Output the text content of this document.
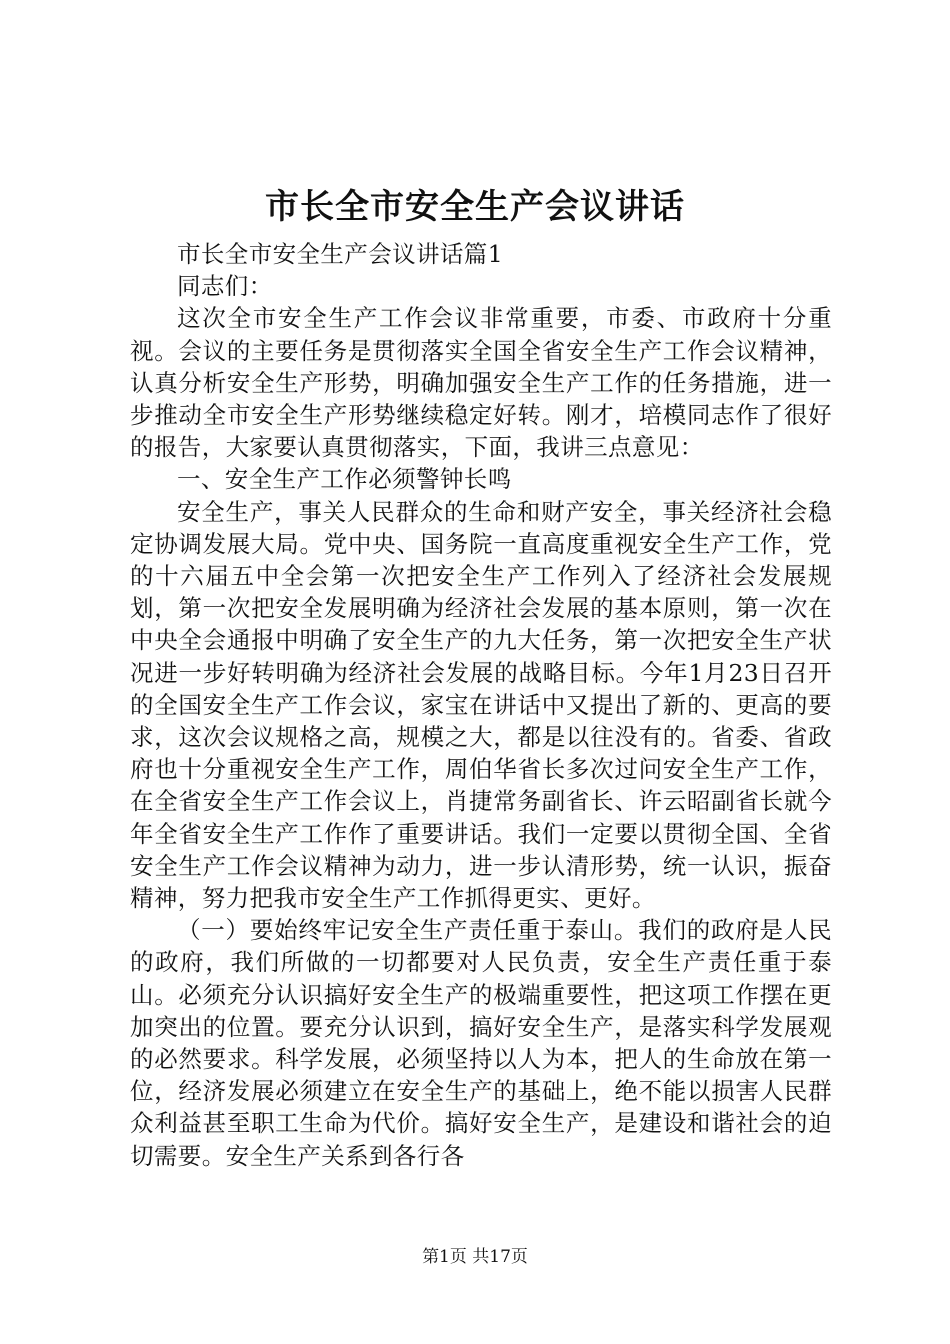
市长全市安全生产会议讲话

市长全市安全生产会议讲话篇1

同志们：

这次全市安全生产工作会议非常重要，市委、市政府十分重视。会议的主要任务是贯彻落实全国全省安全生产工作会议精神，认真分析安全生产形势，明确加强安全生产工作的任务措施，进一步推动全市安全生产形势继续稳定好转。刚才，培模同志作了很好的报告，大家要认真贯彻落实，下面，我讲三点意见：

一、安全生产工作必须警钟长鸣

安全生产，事关人民群众的生命和财产安全，事关经济社会稳定协调发展大局。党中央、国务院一直高度重视安全生产工作，党的十六届五中全会第一次把安全生产工作列入了经济社会发展规划，第一次把安全发展明确为经济社会发展的基本原则，第一次在中央全会通报中明确了安全生产的九大任务，第一次把安全生产状况进一步好转明确为经济社会发展的战略目标。今年1月23日召开的全国安全生产工作会议，家宝在讲话中又提出了新的、更高的要求，这次会议规格之高，规模之大，都是以往没有的。省委、省政府也十分重视安全生产工作，周伯华省长多次过问安全生产工作，在全省安全生产工作会议上，肖捷常务副省长、许云昭副省长就今年全省安全生产工作作了重要讲话。我们一定要以贯彻全国、全省安全生产工作会议精神为动力，进一步认清形势，统一认识，振奋精神，努力把我市安全生产工作抓得更实、更好。

（一）要始终牢记安全生产责任重于泰山。我们的政府是人民的政府，我们所做的一切都要对人民负责，安全生产责任重于泰山。必须充分认识搞好安全生产的极端重要性，把这项工作摆在更加突出的位置。要充分认识到，搞好安全生产，是落实科学发展观的必然要求。科学发展，必须坚持以人为本，把人的生命放在第一位，经济发展必须建立在安全生产的基础上，绝不能以损害人民群众利益甚至职工生命为代价。搞好安全生产，是建设和谐社会的迫切需要。安全生产关系到各行各

第1页 共17页
